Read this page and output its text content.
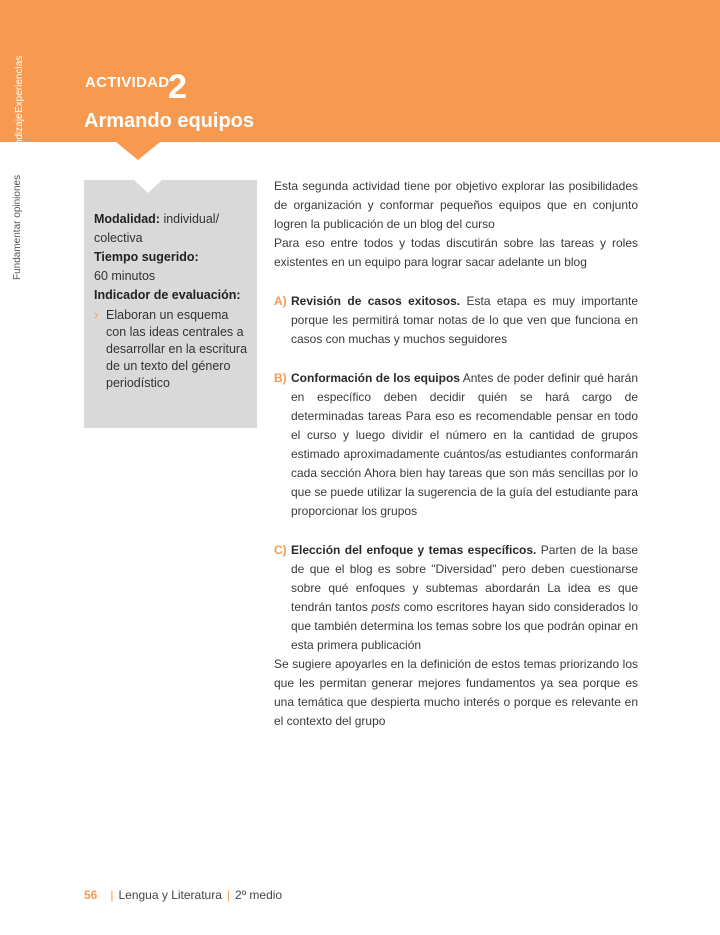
Experiencias
de aprendizaje
Fundamentar opiniones
ACTIVIDAD
2
Armando equipos
Modalidad: individual/ colectiva
Tiempo sugerido:
60 minutos
Indicador de evaluación:
› Elaboran un esquema con las ideas centrales a desarrollar en la escritura de un texto del género periodístico

Esta segunda actividad tiene por objetivo explorar las posibilidades de organización y conformar pequeños equipos que en conjunto logren la publicación de un blog del curso

Para eso entre todos y todas discutirán sobre las tareas y roles existentes en un equipo para lograr sacar adelante un blog

A) Revisión de casos exitosos. Esta etapa es muy importante porque les permitirá tomar notas de lo que ven que funciona en casos con muchas y muchos seguidores
B) Conformación de los equipos Antes de poder definir qué harán en específico deben decidir quién se hará cargo de determinadas tareas Para eso es recomendable pensar en todo el curso y luego dividir el número en la cantidad de grupos estimado aproximadamente cuántos/as estudiantes conformarán cada sección Ahora bien hay tareas que son más sencillas por lo que se puede utilizar la sugerencia de la guía del estudiante para proporcionar los grupos
C) Elección del enfoque y temas específicos. Parten de la base de que el blog es sobre "Diversidad" pero deben cuestionarse sobre qué enfoques y subtemas abordarán La idea es que tendrán tantos posts como escritores hayan sido considerados lo que también determina los temas sobre los que podrán opinar en esta primera publicación

Se sugiere apoyarles en la definición de estos temas priorizando los que les permitan generar mejores fundamentos ya sea porque es una temática que despierta mucho interés o porque es relevante en el contexto del grupo

56 | Lengua y Literatura | 2º medio
